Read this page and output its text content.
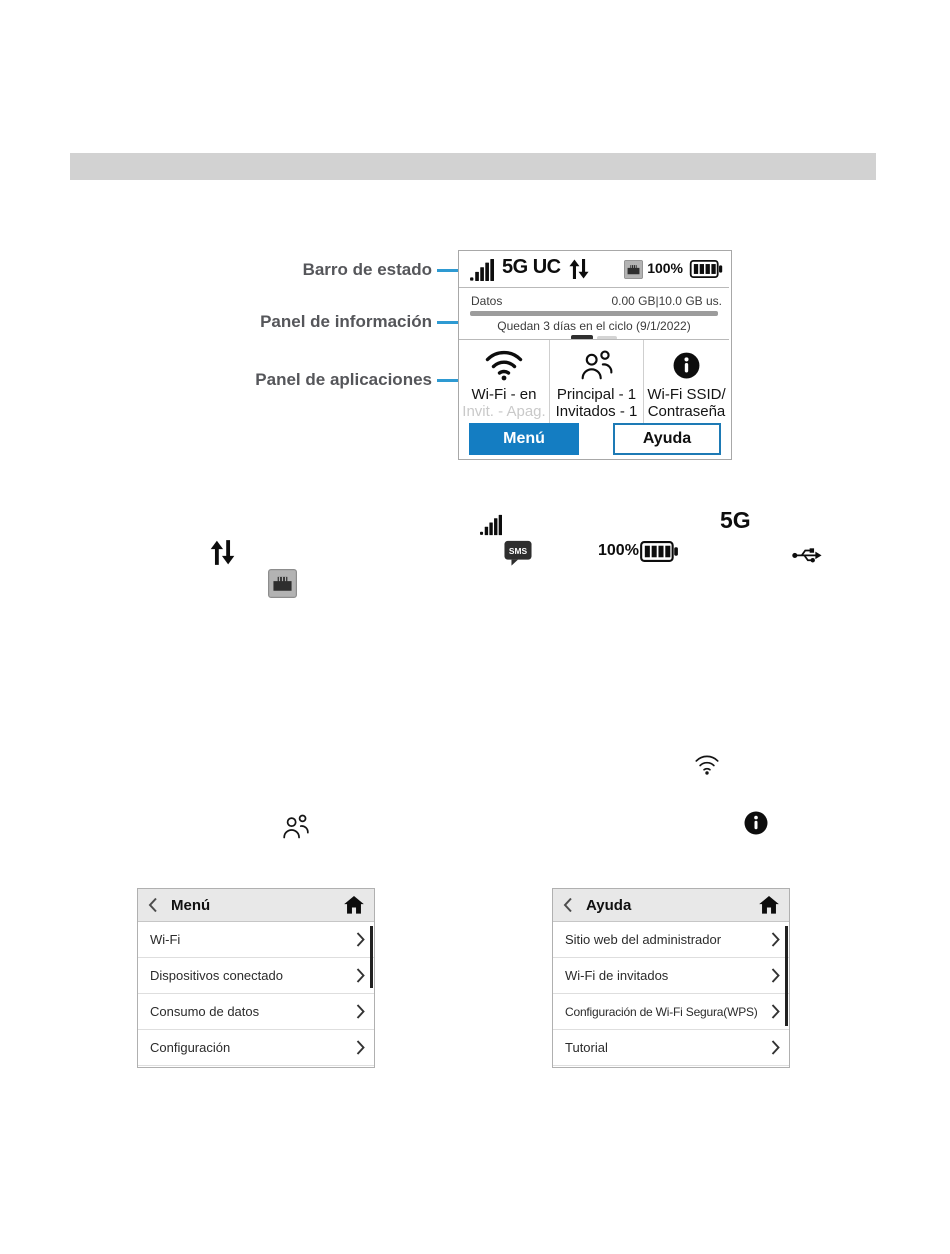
Barro de estado
Panel de información
Panel de aplicaciones
5G UC	100%
Datos	0.00 GB|10.0 GB us.
Quedan 3 días en el ciclo (9/1/2022)
Wi-Fi - en
Invit. - Apag.
Principal - 1
Invitados - 1
Wi-Fi SSID/
Contraseña
Menú	Ayuda
5G
SMS	100%
Menú
Wi-Fi
Dispositivos conectado
Consumo de datos
Configuración
Ayuda
Sitio web del administrador
Wi-Fi de invitados
Configuración de Wi-Fi Segura(WPS)
Tutorial
